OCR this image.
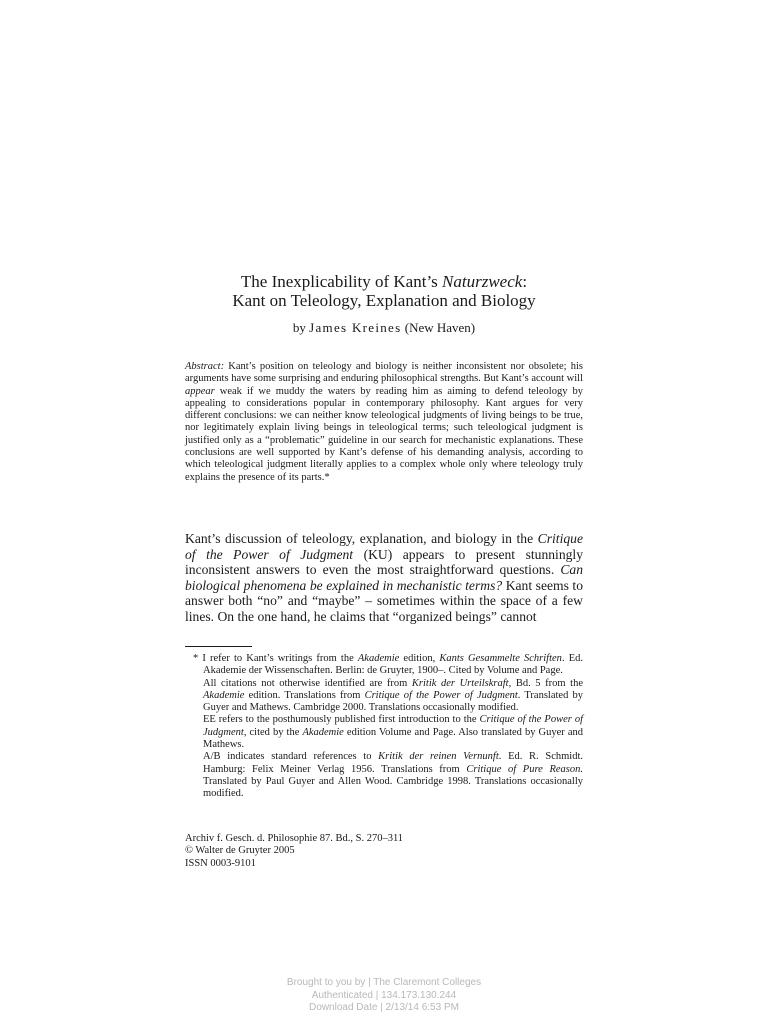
The Inexplicability of Kant’s Naturzweck:
Kant on Teleology, Explanation and Biology
by James Kreines (New Haven)
Abstract: Kant’s position on teleology and biology is neither inconsistent nor obsolete; his arguments have some surprising and enduring philosophical strengths. But Kant’s account will appear weak if we muddy the waters by reading him as aiming to defend teleology by appealing to considerations popular in contemporary philosophy. Kant argues for very different conclusions: we can neither know teleological judgments of living beings to be true, nor legitimately explain living beings in teleological terms; such teleological judgment is justified only as a “problematic” guideline in our search for mechanistic explanations. These conclusions are well supported by Kant’s defense of his demanding analysis, according to which teleological judgment literally applies to a complex whole only where teleology truly explains the presence of its parts.*
Kant’s discussion of teleology, explanation, and biology in the Critique of the Power of Judgment (KU) appears to present stunningly inconsistent answers to even the most straightforward questions. Can biological phenomena be explained in mechanistic terms? Kant seems to answer both “no” and “maybe” – sometimes within the space of a few lines. On the one hand, he claims that “organized beings” cannot

* I refer to Kant’s writings from the Akademie edition, Kants Gesammelte Schriften. Ed. Akademie der Wissenschaften. Berlin: de Gruyter, 1900–. Cited by Volume and Page.

All citations not otherwise identified are from Kritik der Urteilskraft, Bd. 5 from the Akademie edition. Translations from Critique of the Power of Judgment. Translated by Guyer and Mathews. Cambridge 2000. Translations occasionally modified.

EE refers to the posthumously published first introduction to the Critique of the Power of Judgment, cited by the Akademie edition Volume and Page. Also translated by Guyer and Mathews.

A/B indicates standard references to Kritik der reinen Vernunft. Ed. R. Schmidt. Hamburg: Felix Meiner Verlag 1956. Translations from Critique of Pure Reason. Translated by Paul Guyer and Allen Wood. Cambridge 1998. Translations occasionally modified.

Archiv f. Gesch. d. Philosophie 87. Bd., S. 270–311
© Walter de Gruyter 2005
ISSN 0003-9101
Brought to you by | The Claremont Colleges
Authenticated | 134.173.130.244
Download Date | 2/13/14 6:53 PM
